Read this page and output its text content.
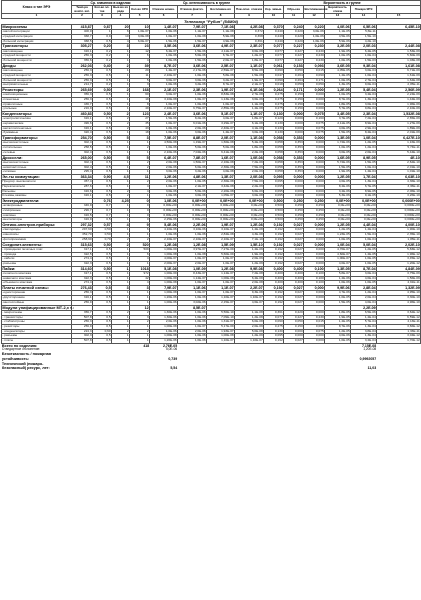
Класс и тип ЭРЭ	Ср. значения в изделии				Ср. интенсивность в группе				Вероятность в группе					
	Темп-ра воспл. кат.	Кол-во эл-тов	Вых-во из ряда	Кол-во ЭРЭ	Отказов номин.	Отказов фактич.	Воспламен-ия	Пож.опас. отказов	Кор. замык.	Обры-ва	Воспламенения	Вероятность отказа	Пожара ЭРЭ	
1	2	3	4	5	6	7	8	9	10	11	12	13	14	15
Телевизор "Рубин" (54М04)														
Микросхемы	415,87	0,87	20	10	1,4E-07	7,9E-07	7,1E-08	4,2E-08	0,370	0,240	0,220	4,0E-06	6,5E-06	6,45E-10
-малой интеграции	400,0	1	6	1,0E-07	1,0E-06	1,1E-07	1,1E-08	0,372	0,240	0,220	3,0E-06	1,1E-05	5,6E-11	
-средней интеграции	368,7	0,9	10	3,0E-08	1,0E-07	1,0E-08	5,9E-08	0,368	0,240	0,220	1,0E-06	4,5E-06	1,5E-10	
-большой интеграции	368,5	0,5	4	6,0E-07	1,5E-06	1,5E-07	4,9E-08	0,361	0,240	0,220	1,0E-06	5,9E-06	4,2E-10	
Транзисторы	305,27	0,20	3	23	3,5E-06	3,6E-06	4,9E-07	2,3E-07	0,077	0,227	0,230	3,2E-05	2,0E-03	2,44E-08
-маломощные	316,1	0,2	1	12	6,4E-07	1,5E-06	2,11E-07	9,6E-08	0,077	0,227	0,230	1,9E-05	6,4E-05	1,53E-09
-средней мощности	256,3	0,2	1	6	1,0E-06	5,6E-06	6,7E-07	1,2E-07	0,077	0,227	0,230	1,0E-05	1,0E-04	5,60E-09
-большой мощности	356,6	0,2	1	4	1,0E-06	1,5E-06	2,0E-07	1,8E-07	0,077	0,227	0,230	1,0E-05	1,5E-03	1,03E-08
Диоды	262,03	0,40	2	39	8,7E-07	3,6E-06	2,5E-07	1,1E-07	0,061	0,153	0,093	3,6E-05	9,3E-04	1,61E-08
-маломощные	256,3	0,5	1	20	1,4E-07	2,17E-06	2,59E-07	8,5E-08	0,090	0,050	0,015	4,05E-05	3,0E-04	6,71E-09
-средней мощности	256,3	0,5	1	11	2,10E-07	1,0E-06	5,8E-08	1,5E-08	0,047	0,264	0,090	1,4E-05	1,0E-04	1,61E-09
-большой мощности	256,3	0,5	1	5	3,0E-07	3,0E-06	3,2E-07	1,9E-07	0,090	0,264	0,171	1,0E-05	2,7E-04	1,64E-08
-выпрямительные	214,7	0,2	1	3	1,0E-06	3,2E-06	8,7E-07	2,1E-07	0,018	0,050	0,050	1,3E-05	9,0E-04	2,05E-11
Резисторы	265,69	0,50	2	168	2,1E-07	2,3E-06	1,9E-07	6,1E-08	0,264	0,171	0,000	1,2E-05	5,4E-04	2,56E-09
-композиционные	356,3	0,5	1	60	3,0E-07	1,0E-06	8,83E-08	2,7E-08	0,275	0,150	0,000	1,0E-05	3,4E-04	2,24E-09
-пленочные	256,3	0,5	1	19	3,10E-08	1,6E-07	1,13E-08	3,6E-09	0,275	0,150	0,000	8,7E-06	1,3E-04	1,44E-09
-проволочные	436,7	0,5	1	8	1,0E-07	1,0E-06	1,0E-07	1,1E-08	0,275	0,150	0,000	1,8E-05	3,0E-04	1,96E-09
-угольные	216,9	0,5	1	49	2,10E-07	6,75E-07	2,85E-08	1,4E-08	0,275	0,150	0,000	5,7E-05	9,8E-04	2,10E-09
Конденсаторы:	460,83	0,50	2	123	2,4E-07	3,6E-06	5,1E-07	1,1E-07	0,130	0,000	0,075	3,4E-05	2,3E-04	1,532E-08
-электролитические	316,1	0,5	2	27	1,5E-06	8,2E-06	4,0E-07	1,8E-07	0,120	0,000	0,160	3,7E-05	7,2E-04	2,65E-09
-керамические	496,6	0,5	2	35	1,0E-07	6,01E-06	3,29E-07	6,1E-08	0,130	0,000	0,075	2,11E-05	8,9E-04	1,27E-09
-металлопленочные	316,1	0,5	2	43	1,0E-06	2,0E-06	2,40E-07	4,1E-08	0,130	0,000	0,075	4,0E-05	2,9E-04	1,89E-09
-бумажные	320,4	0,5	1	18	1,0E-06	3,0E-06	1,4E-07	3,0E-08	0,130	0,000	0,075	1,5E-05	8,4E-04	2,01E-09
Трансформаторы:	254,70	0,50	5	3	7,5E-07	8,8E-07	2,0E-07	1,1E-08	0,058	0,353	0,000	1,3E-05	1,0E-04	6,427E-10
-высокочастотные	302,4	0,5	1	1	4,50E-08	1,19E-07	1,66E-08	5,4E-09	0,058	0,353	0,000	1,74E-06	1,2E-05	1,16E-09
-питательные	258,5	0,5	1	2	1,0E-06	5,0E-06	5,0E-08	1,8E-08	0,058	0,353	0,000	1,0E-05	1,2E-04	5,74E-11
-сетевые	302,4	0,5	1	1	2,10E-06	7,04E-06	6,41E-08	2,2E-08	0,058	0,353	0,000	3,0E-05	2,0E-04	5,44E-10
Дроссели:	265,00	0,50	5	5	6,4E-07	7,8E-07	1,6E-07	1,0E-08	0,058	0,353	0,000	1,6E-05	8,9E-05	4E-10
-высокочастотные	302,4	0,5	1	2	2,0E-08	1,50E-07	2,16E-08	7,2E-09	0,058	0,353	0,000	5,74E-06	1,5E-05	2,62E-10
-низкочастотные	302,4	0,5	1	2	2,0E-06	6,0E-06	2,36E-08	7,5E-09	0,058	0,353	0,000	1,5E-05	1,0E-04	2,01E-10
-силовые	295,4	0,5	1	1	3,0E-06	3,2E-06	4,0E-08	2,0E-09	0,058	0,353	0,000	1,9E-05	1,4E-04	1,01E-10
Эл-ты коммутации:	363,34	0,90	4,5	11	1,2E-06	4,8E-06	1,3E-07	2,0E-08	0,095	0,000	0,000	1,2E-05	1,7E-04	6,63E-10
Предохр. выключатели	457,4	0,5	1	2	2,0E-06	1,0E-05	2,36E-08	7,5E-09	0,095	0,000	0,000	4,6E-05	1,3E-04	4,36E-10
Переключатели	287,6	0,5	1	4	1,0E-07	2,1E-07	3,42E-08	2,2E-09	0,095	0,000	0,000	8,4E-06	6,7E-05	3,36E-11
Разъемы	316,6	0,5	2	4	3,0E-06	5,0E-06	2,20E-08	6,6E-09	0,095	0,000	0,000	3,4E-06	8,9E-05	2,06E-10
Клеммы,зажимы	316,1	0,5	2	1	1,0E-06	3,0E-06	1,05E-07	3,0E-08	0,095	0,000	0,000	5,3E-06	9,1E-05	3,26E-10
Электродвигатели:		0,76	4,25	0	1,0E-06	0,0E+00	0,0E+00	0,0E+00	0,500	0,250	0,250	0,0E+00	0,0E+00	0,000E+00
-асинхронные	346,9	0,7	1	0	0,00E+00	0,00E+00	0,00E+00	0,0E+00	0,500	0,250	0,250	0,0E+00	0,0E+00	0,000E+00
-синхронные	296,7	0,7	1	0	0,00E+00	0,00E+00	0,00E+00	0,0E+00	0,500	0,250	0,250	0,0E+00	0,0E+00	0,000E+00
-шаговые	316,5	0,7	1	0	0,00E+00	0,00E+00	0,00E+00	0,0E+00	0,500	0,250	0,250	0,0E+00	0,0E+00	0,000E+00
-вентиляторы	316,9	0,5	1	0	2,25E-06	0,00E+00	0,00E+00	0,0E+00	0,500	0,250	0,250	0,0E+00	0,0E+00	0,000E+00
Оптико-электрон.приборы:	297,32	0,57	4	9	5,4E-06	2,2E-06	1,9E-07	1,2E-08	0,192	0,027	0,000	1,2E-05	4,4E-04	4,00E-10
-светодиоды	297,60	0,50	1	6	4,10E-06	3,10E-06	3,10E-07	1,4E-08	0,192	0,027	0,000	1,2E-05	1,4E-04	1,90E-10
-кинескопы	352,70	0,50	1	1	1,0E-06	1,0E-06	2,84E-08	4,3E-08	0,192	0,027	0,000	1,23E-05	1,5E-04	2,35E-10
-фотоприемники	258,90	0,70	2	2	2,10E-07	2,10E-07	2,10E-07	7,1E-10	0,192	0,027	0,000	1,0E-05	1,0E-04	1,05E-11
Соединит.элементы:	315,63	0,50	2	520	1,2E-08	1,2E-08	1,5E-09	1,5E-10	0,192	0,027	0,000	1,0E-04	5,0E-04	2,02E-10
- проводники печатных плат	317,1	0,5	1	509	1,00E-09	3,97E-07	7,27E-09	1,4E-09	0,192	0,027	0,000	4,76E-07	1,2E-05	5,83E-12
- провода	322,5	0,5	1	6	1,00E-08	1,0E-08	5,60E-09	1,9E-09	0,192	0,027	0,000	4,60E-07	1,4E-05	1,96E-12
- кабели	274,4	0,5	1	4	4,00E-07	1,0E-07	1,0E-07	2,0E-09	0,192	0,027	0,000	1,00E-07	1,0E-05	3,45E-12
-разъемы	322,3	0,5	1	1	2,00E-07	2,0E-07	1,0E-07	1,2E-09	0,192	0,027	0,000	4,0E-07	1,0E-05	1,20E-12
Пайки:	314,60	0,50	1	1018	5,1E-08	1,0E-09	1,2E-08	9,9E-08	0,400	0,400	0,100	1,3E-05	8,7E-04	4,84E-09
-печатного монтажа	317,1	0,5	1	972	1,00E-09	8,43E-07	1,14E-07	7,2E-08	0,400	0,400	0,100	5,8E-07	3,0E-04	3,75E-09
-навесного монтажа	322,3	0,5	1	42	1,00E-09	1,14E-07	1,00E-08	6,4E-08	0,400	0,400	0,100	1,4E-06	4,0E-04	1,56E-09
-объемного монтажа	274,4	0,5	1	4	1,00E-08	1,0E-07	1,0E-07	2,0E-08	0,400	0,400	0,100	1,0E-06	1,0E-05	4,91E-11
Платы печатной схемы:	276,43	0,5	3	3	7,9E-07	1,1E-06	1,1E-07	2,2E-07	0,192	0,027	0,000	9,9E-06	2,8E-04	1,32E-09
-односторонние	256,3	0,5	1	1	1,00E-08	1,0E-07	1,0E-07	9,3E-08	0,192	0,027	0,000	4,7E-06	1,2E-04	4,95E-10
-двухсторонние	316,1	0,5	1	1	1,20E-06	1,0E-06	1,10E-07	1,10E-07	0,192	0,027	0,000	1,0E-05	2,0E-04	3,30E-10
-многослойные	256,9	0,5	1	1	1,00E-06	3,02E-06	2,15E-07	4,6E-07	0,192	0,027	0,000	1,5E-05	4,0E-04	4,96E-10
Модули унифицированные МТ-2,х т.:				12		8,5E-07							2,2E-09	
- микросхемы	356,7	0,5	2	2	1,30E-06	1,0E-06	5,56E-10	1,1E-08	0,361	0,220	0,000	1,8E-05	6,5E-06	3,62E-12
- транзисторы	507,8	0,5	1	3	1,30E-06	1,0E-06	7,09E-10	1,2E-08	0,077	0,227	0,230	1,9E-05	1,4E-04	6,59E-12
- стабилитроны	256,3	0,5	1	2	2,0E-06	1,0E-06	1,31E-07	6,0E-08	0,090	0,050	0,015	1,4E-05	5,7E-04	4,13E-11
- резисторы	256,9	0,5	1	1	1,00E-08	1,0E-07	5,17E-09	2,0E-09	0,275	0,150	0,000	8,7E-06	1,3E-04	3,66E-12
- конденсаторы	224,3	0,60	2	2	1,0E-06	2,0E-06	1,93E-07	5,0E-08	0,130	0,000	0,075	1,2E-05	3,8E-04	1,33E-11
- разъемы	302,3	0,5	1	1	1,00E-08	1,0E-06	1,00E-08	1,2E-09	0,095	0,000	0,000	4,0E-06	1,3E-04	3,04E-12
- платы	507,8	0,5	1	1	1,20E-06	1,0E-06	1,10E-07	1,10E-07	0,192	0,027	0,000	1,0E-05	3,4E-04	1,70E-12
Всего по изделию:				418	2,76E-05								7,15E-08	
Стандартное отклонение:					5,0E-06								1,20E-08	
Безотказность / пожарная														
устойчивость:					0,739								0,9992057	
Технический (пожаро-														
безопасный) ресурс, лет:					5,54								11,03	
